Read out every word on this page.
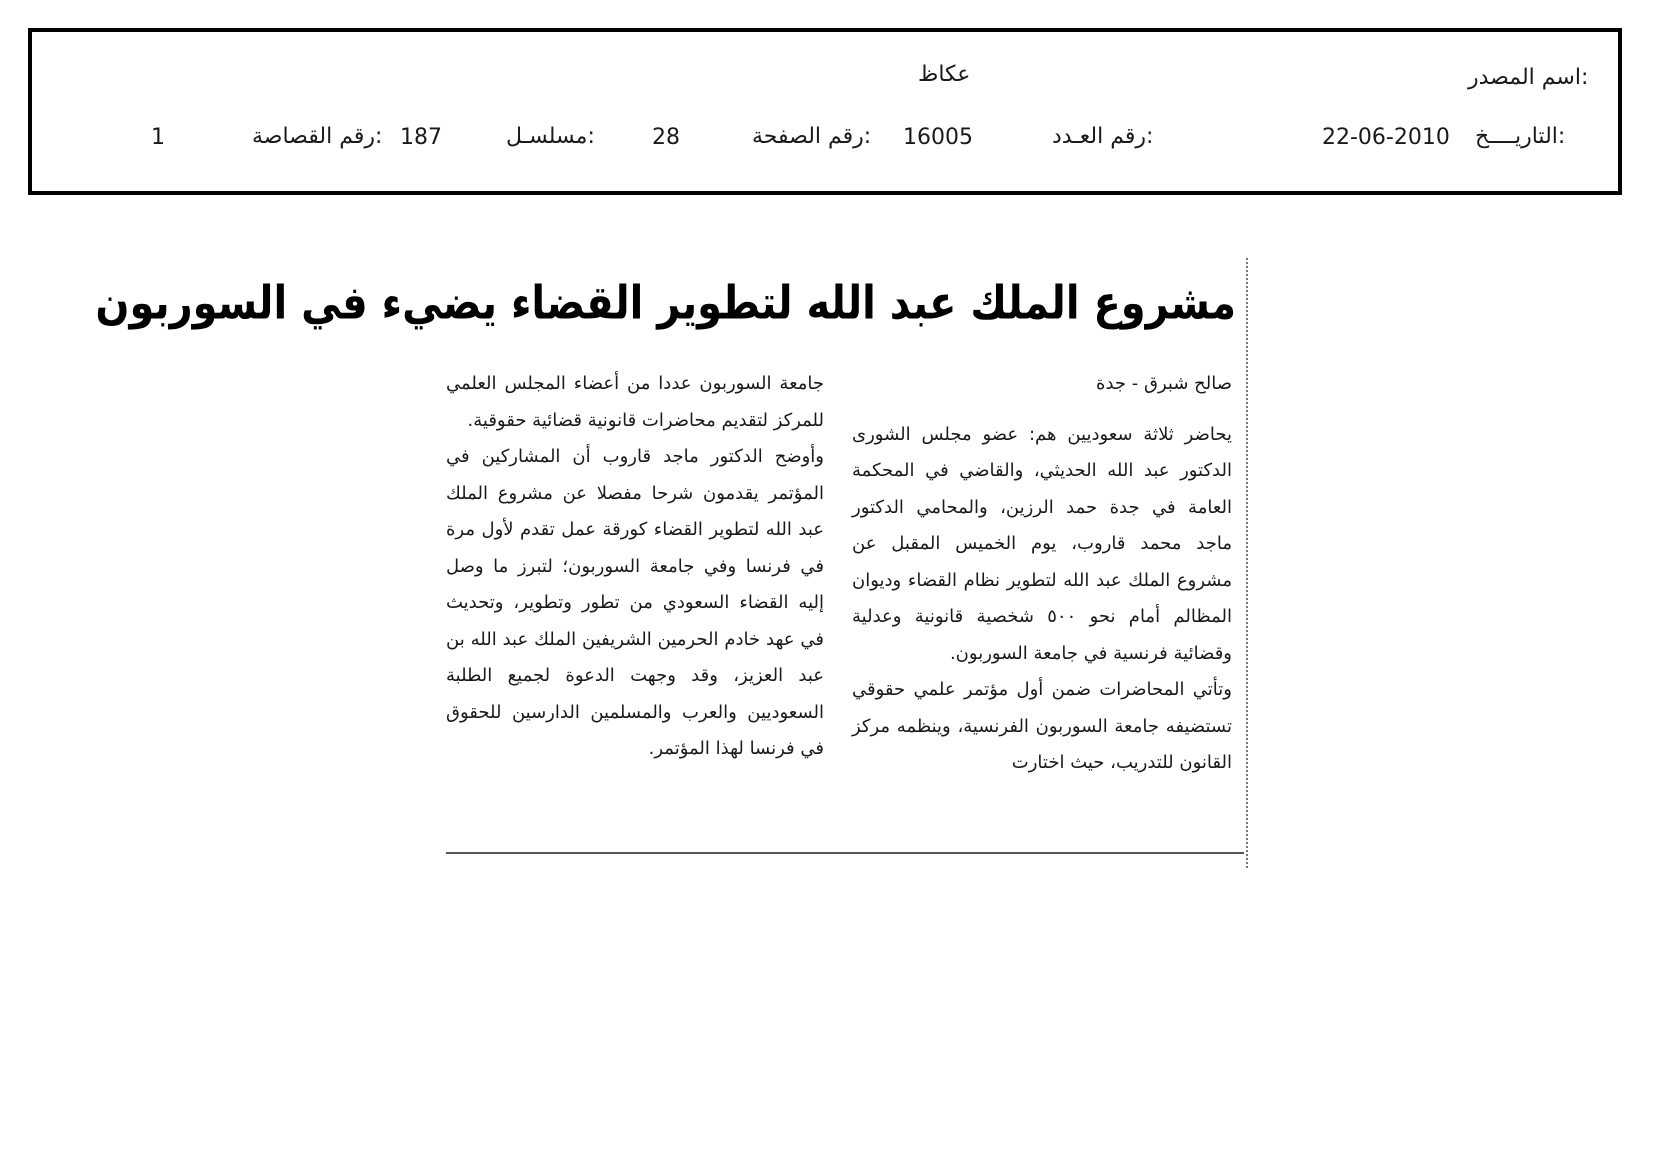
اسم المصدر:
عكاظ
التاريــــخ:
22-06-2010
رقم العـدد:
16005
رقم الصفحة:
28
مسلسـل:
187
رقم القصاصة:
1
مشروع الملك عبد الله لتطوير القضاء يضيء في السوربون
صالح شبرق - جدة

يحاضر ثلاثة سعوديين هم: عضو مجلس الشورى الدكتور عبد الله الحديثي، والقاضي في المحكمة العامة في جدة حمد الرزين، والمحامي الدكتور ماجد محمد قاروب، يوم الخميس المقبل عن مشروع الملك عبد الله لتطوير نظام القضاء وديوان المظالم أمام نحو ٥٠٠ شخصية قانونية وعدلية وقضائية فرنسية في جامعة السوربون.

وتأتي المحاضرات ضمن أول مؤتمر علمي حقوقي تستضيفه جامعة السوربون الفرنسية، وينظمه مركز القانون للتدريب، حيث اختارت

جامعة السوربون عددا من أعضاء المجلس العلمي للمركز لتقديم محاضرات قانونية قضائية حقوقية.

وأوضح الدكتور ماجد قاروب أن المشاركين في المؤتمر يقدمون شرحا مفصلا عن مشروع الملك عبد الله لتطوير القضاء كورقة عمل تقدم لأول مرة في فرنسا وفي جامعة السوربون؛ لتبرز ما وصل إليه القضاء السعودي من تطور وتطوير، وتحديث في عهد خادم الحرمين الشريفين الملك عبد الله بن عبد العزيز، وقد وجهت الدعوة لجميع الطلبة السعوديين والعرب والمسلمين الدارسين للحقوق في فرنسا لهذا المؤتمر.
